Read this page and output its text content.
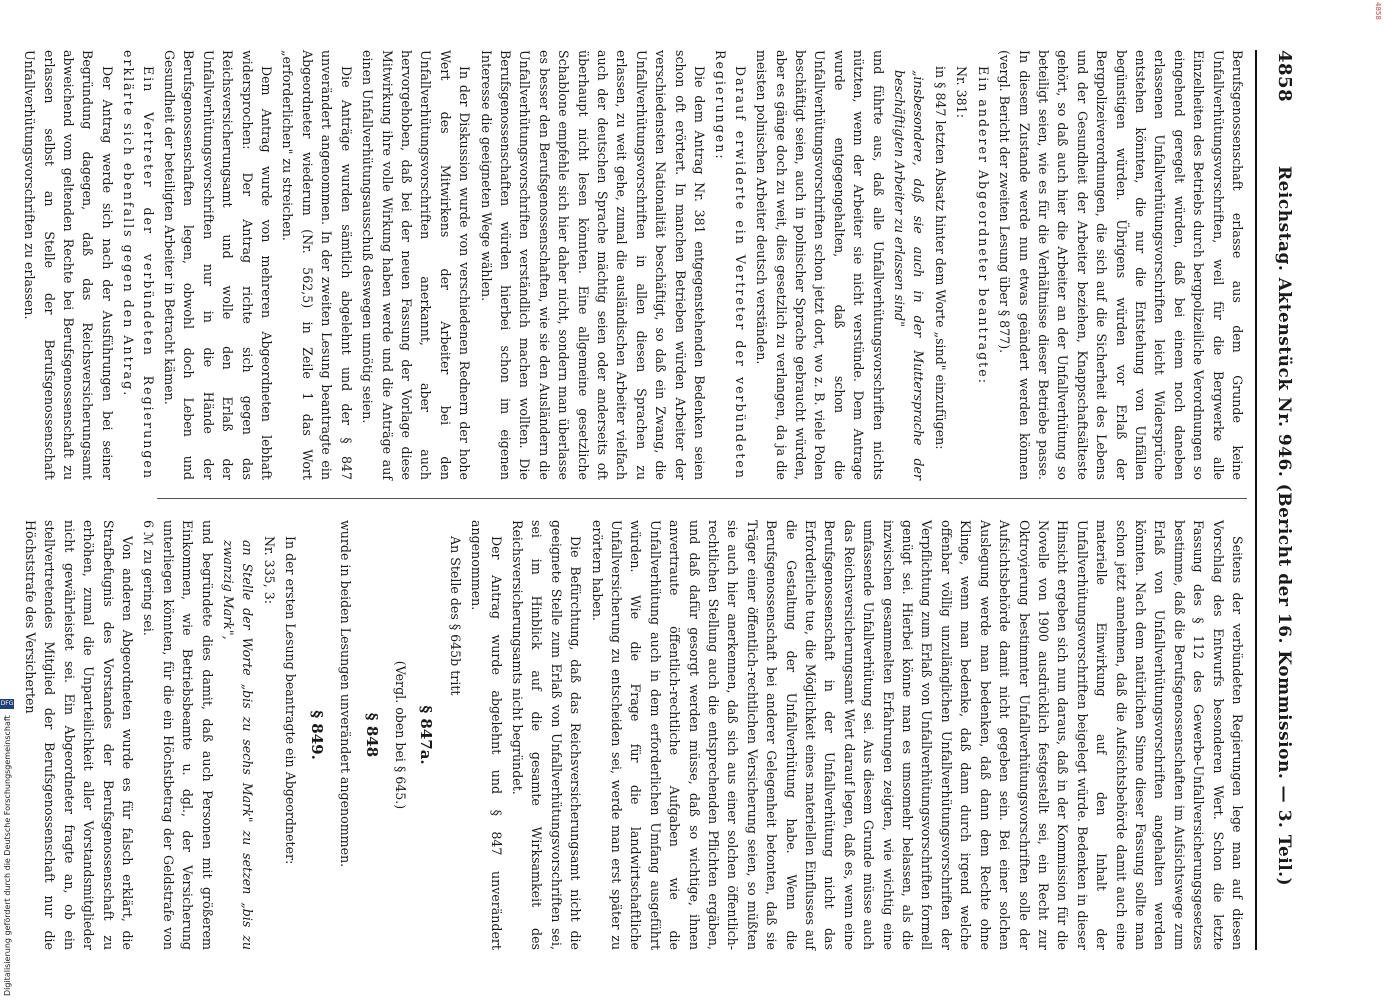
Digitalisierung gefördert durch die Deutsche Forschungsgemeinschaft
DFG
4858
4858
Reichstag. Aktenstück Nr. 946. (Bericht der 16. Kommission. — 3. Teil.)

Berufsgenossenschaft erlasse aus dem Grunde keine Unfallverhütungsvorschriften, weil für die Bergwerke alle Einzelheiten des Betriebs durch bergpolizeiliche Verordnungen so eingehend geregelt würden, daß bei einem noch daneben erlassenen Unfallverhütungsvorschriften leicht Widersprüche entstehen könnten, die nur die Entstehung von Unfällen begünstigen würden. Übrigens würden vor Erlaß der Bergpolizeiverordnungen, die sich auf die Sicherheit des Lebens und der Gesundheit der Arbeiter beziehen, Knappschaftsälteste gehört, so daß auch hier die Arbeiter an der Unfallverhütung so beteiligt seien, wie es für die Verhältnisse dieser Betriebe passe. In diesem Zustande werde nun etwas geändert werden können (vergl. Bericht der zweiten Lesung über § 877).

Ein anderer Abgeordneter beantragte:

Nr. 381:

in § 847 letzten Absatz hinter dem Worte „sind" einzufügen:

„insbesondere, daß sie auch in der Muttersprache der beschäftigten Arbeiter zu erlassen sind"

und führte aus, daß alle Unfallverhütungsvorschriften nichts nützten, wenn der Arbeiter sie nicht verstünde. Dem Antrage wurde entgegengehalten, daß schon die Unfallverhütungsvorschriften schon jetzt dort, wo z. B. viele Polen beschäftigt seien, auch in polnischer Sprache gebraucht würden, aber es gänge doch zu weit, dies gesetzlich zu verlangen, da ja die meisten polnischen Arbeiter deutsch verständen.

Darauf erwiderte ein Vertreter der verbündeten Regierungen:

Die dem Antrag Nr. 381 entgegenstehenden Bedenken seien schon oft erörtert. In manchen Betrieben würden Arbeiter der verschiedensten Nationalität beschäftigt, so daß ein Zwang, die Unfallverhütungsvorschriften in allen diesen Sprachen zu erlassen, zu weit gehe, zumal die ausländischen Arbeiter vielfach auch der deutschen Sprache mächtig seien oder anderseits oft überhaupt nicht lesen könnten. Eine allgemeine gesetzliche Schablone empfehle sich hier daher nicht, sondern man überlasse es besser den Berufsgenossenschaften, wie sie den Ausländern die Unfallverhütungsvorschriften verständlich machen wollten. Die Berufsgenossenschaften würden hierbei schon im eigenen Interesse die geeigneten Wege wählen.

In der Diskussion wurde von verschiedenen Rednern der hohe Wert des Mitwirkens der Arbeiter bei den Unfallverhütungsvorschriften anerkannt, aber auch hervorgehoben, daß bei der neuen Fassung der Vorlage diese Mitwirkung ihre volle Wirkung haben werde und die Anträge auf einen Unfallverhütungsausschuß deswegen unnötig seien.

Die Anträge wurden sämtlich abgelehnt und der § 847 unverändert angenommen. In der zweiten Lesung beantragte ein Abgeordneter wiederum (Nr. 562,5) in Zeile 1 das Wort „erforderlichen" zu streichen.

Dem Antrag wurde von mehreren Abgeordneten lebhaft widersprochen: Der Antrag richte sich gegen das Reichsversicherungsamt und wolle den Erlaß der Unfallverhütungsvorschriften nur in die Hände der Berufsgenossenschaften legen, obwohl doch Leben und Gesundheit der beteiligten Arbeiter in Betracht kämen.

Ein Vertreter der verbündeten Regierungen erklärte sich ebenfalls gegen den Antrag.

Der Antrag werde sich nach der Ausführungen bei seiner Begründung dagegen, daß das Reichsversicherungsamt abweichend vom geltenden Rechte bei Berufsgenossenschaft zu erlassen selbst an Stelle der Berufsgenossenschaft Unfallverhütungsvorschriften zu erlassen.

Seitens der verbündeten Regierungen lege man auf diesen Vorschlag des Entwurfs besonderen Wert. Schon die letzte Fassung des § 112 des Gewerbe-Unfallversicherungsgesetzes bestimme, daß die Berufsgenossenschaften im Aufsichtswege zum Erlaß von Unfallverhütungsvorschriften angehalten werden könnten. Nach dem natürlichen Sinne dieser Fassung sollte man schon jetzt annehmen, daß die Aufsichtsbehörde damit auch eine materielle Einwirkung auf den Inhalt der Unfallverhütungsvorschriften beigelegt würde. Bedenken in dieser Hinsicht ergeben sich nun daraus, daß in der Kommission für die Novelle von 1900 ausdrücklich festgestellt sei, ein Recht zur Oktroyierung bestimmter Unfallverhütungsvorschriften solle der Aufsichtsbehörde damit nicht gegeben sein. Bei einer solchen Auslegung werde man bedenken, daß dann dem Rechte ohne Klinge, wenn man bedenke, daß dann durch irgend welche offenbar völlig unzulänglichen Unfallverhütungsvorschriften der Verpflichtung zum Erlaß von Unfallverhütungsvorschriften formell genügt sei. Hierbei könne man es umsomehr belassen, als die inzwischen gesammelten Erfahrungen zeigten, wie wichtig eine umfassende Unfallverhütung sei. Aus diesem Grunde müsse auch das Reichsversicherungsamt Wert darauf legen, daß es, wenn eine Berufsgenossenschaft in der Unfallverhütung nicht das Erforderliche tue, die Möglichkeit eines materiellen Einflusses auf die Gestaltung der Unfallverhütung habe. Wenn die Berufsgenossenschaft bei anderer Gelegenheit betonten, daß sie Träger einer öffentlich-rechtlichen Versicherung seien, so müßten sie auch hier anerkennen, daß sich aus einer solchen öffentlich-rechtlichen Stellung auch die entsprechenden Pflichten ergäben, und daß dafür gesorgt werden müsse, daß so wichtige, ihnen anvertraute öffentlich-rechtliche Aufgaben wie die Unfallverhütung auch in dem erforderlichen Umfang ausgeführt würden. Wie die Frage für die landwirtschaftliche Unfallversicherung zu entscheiden sei, werde man erst später zu erörtern haben.

Die Befürchtung, daß das Reichsversicherungsamt nicht die geeignete Stelle zum Erlaß von Unfallverhütungsvorschriften sei, sei im Hinblick auf die gesamte Wirksamkeit des Reichsversicherungsamts nicht begründet.

Der Antrag wurde abgelehnt und § 847 unverändert angenommen.

An Stelle des § 645b tritt

§ 847a.

(Vergl. oben bei § 645.)

§ 848

wurde in beiden Lesungen unverändert angenommen.

§ 849.

In der ersten Lesung beantragte ein Abgeordneter:

Nr. 335, 3:

an Stelle der Worte „bis zu sechs Mark" zu setzen „bis zu zwanzig Mark",

und begründete dies damit, daß auch Personen mit größerem Einkommen, wie Betriebsbeamte u. dgl., der Versicherung unterliegen könnten, für die ein Höchstbetrag der Geldstrafe von 6 ℳ zu gering sei.

Von anderen Abgeordneten wurde es für falsch erklärt, die Strafbefugnis des Vorstandes der Berufsgenossenschaft zu erhöhen, zumal die Unparteilichkeit aller Vorstandsmitglieder nicht gewährleistet sei. Ein Abgeordneter fragte an, ob ein stellvertretendes Mitglied der Berufsgenossenschaft nur die Höchststrafe des Versicherten
